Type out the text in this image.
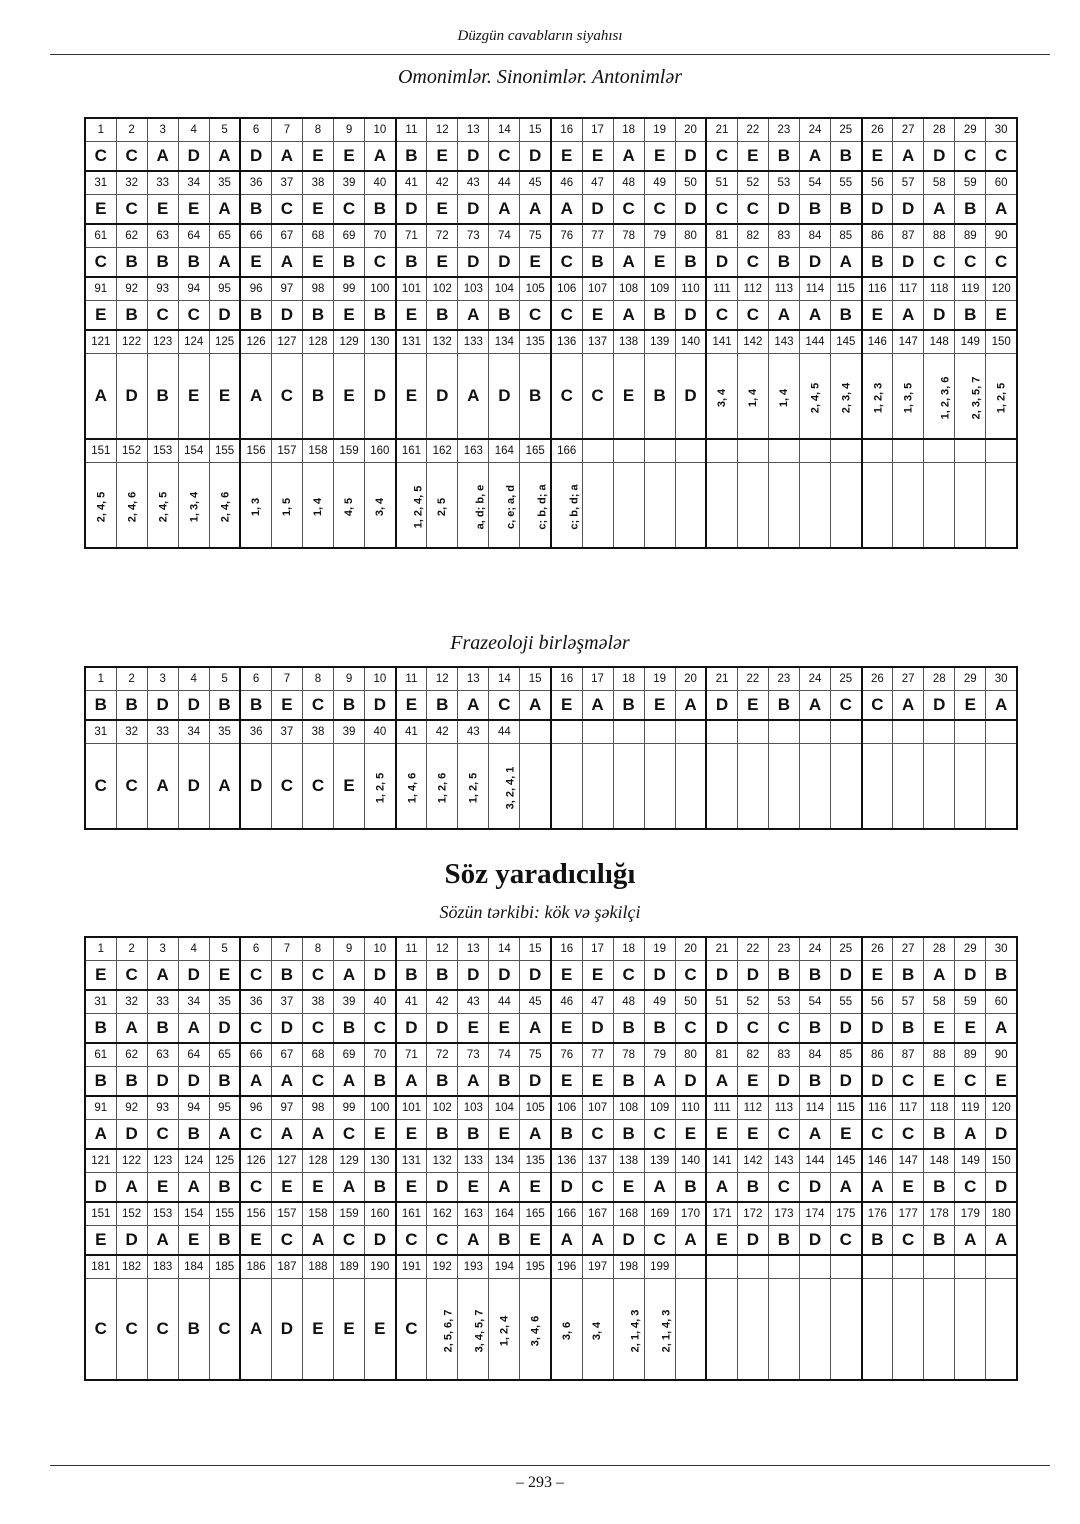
Düzgün cavabların siyahısı
Omonimlər. Sinonimlər. Antonimlər
1	2	3	4	5	6	7	8	9	10	11	12	13	14	15	16	17	18	19	20	21	22	23	24	25	26	27	28	29	30
C	C	A	D	A	D	A	E	E	A	B	E	D	C	D	E	E	A	E	D	C	E	B	A	B	E	A	D	C	C
31	32	33	34	35	36	37	38	39	40	41	42	43	44	45	46	47	48	49	50	51	52	53	54	55	56	57	58	59	60
E	C	E	E	A	B	C	E	C	B	D	E	D	A	A	A	D	C	C	D	C	C	D	B	B	D	D	A	B	A
61	62	63	64	65	66	67	68	69	70	71	72	73	74	75	76	77	78	79	80	81	82	83	84	85	86	87	88	89	90
C	B	B	B	A	E	A	E	B	C	B	E	D	D	E	C	B	A	E	B	D	C	B	D	A	B	D	C	C	C
91	92	93	94	95	96	97	98	99	100	101	102	103	104	105	106	107	108	109	110	111	112	113	114	115	116	117	118	119	120
E	B	C	C	D	B	D	B	E	B	E	B	A	B	C	C	E	A	B	D	C	C	A	A	B	E	A	D	B	E
121	122	123	124	125	126	127	128	129	130	131	132	133	134	135	136	137	138	139	140	141	142	143	144	145	146	147	148	149	150
A	D	B	E	E	A	C	B	E	D	E	D	A	D	B	C	C	E	B	D	3, 4	1, 4	1, 4	2, 4, 5	2, 3, 4	1, 2, 3	1, 3, 5	1, 2, 3, 6	2, 3, 5, 7	1, 2, 5
151	152	153	154	155	156	157	158	159	160	161	162	163	164	165	166														
2, 4, 5	2, 4, 6	2, 4, 5	1, 3, 4	2, 4, 6	1, 3	1, 5	1, 4	4, 5	3, 4	1, 2, 4, 5	2, 5	a, d; b, e	c, e; a, d	c; b, d; a	c; b, d; a														
Frazeoloji birləşmələr
1	2	3	4	5	6	7	8	9	10	11	12	13	14	15	16	17	18	19	20	21	22	23	24	25	26	27	28	29	30
B	B	D	D	B	B	E	C	B	D	E	B	A	C	A	E	A	B	E	A	D	E	B	A	C	C	A	D	E	A
31	32	33	34	35	36	37	38	39	40	41	42	43	44																
C	C	A	D	A	D	C	C	E	1, 2, 5	1, 4, 6	1, 2, 6	1, 2, 5	3, 2, 4, 1																
Söz yaradıcılığı
Sözün tərkibi: kök və şəkilçi
1	2	3	4	5	6	7	8	9	10	11	12	13	14	15	16	17	18	19	20	21	22	23	24	25	26	27	28	29	30
E	C	A	D	E	C	B	C	A	D	B	B	D	D	D	E	E	C	D	C	D	D	B	B	D	E	B	A	D	B
31	32	33	34	35	36	37	38	39	40	41	42	43	44	45	46	47	48	49	50	51	52	53	54	55	56	57	58	59	60
B	A	B	A	D	C	D	C	B	C	D	D	E	E	A	E	D	B	B	C	D	C	C	B	D	D	B	E	E	A
61	62	63	64	65	66	67	68	69	70	71	72	73	74	75	76	77	78	79	80	81	82	83	84	85	86	87	88	89	90
B	B	D	D	B	A	A	C	A	B	A	B	A	B	D	E	E	B	A	D	A	E	D	B	D	D	C	E	C	E
91	92	93	94	95	96	97	98	99	100	101	102	103	104	105	106	107	108	109	110	111	112	113	114	115	116	117	118	119	120
A	D	C	B	A	C	A	A	C	E	E	B	B	E	A	B	C	B	C	E	E	E	C	A	E	C	C	B	A	D
121	122	123	124	125	126	127	128	129	130	131	132	133	134	135	136	137	138	139	140	141	142	143	144	145	146	147	148	149	150
D	A	E	A	B	C	E	E	A	B	E	D	E	A	E	D	C	E	A	B	A	B	C	D	A	A	E	B	C	D
151	152	153	154	155	156	157	158	159	160	161	162	163	164	165	166	167	168	169	170	171	172	173	174	175	176	177	178	179	180
E	D	A	E	B	E	C	A	C	D	C	C	A	B	E	A	A	D	C	A	E	D	B	D	C	B	C	B	A	A
181	182	183	184	185	186	187	188	189	190	191	192	193	194	195	196	197	198	199											
C	C	C	B	C	A	D	E	E	E	C	2, 5, 6, 7	3, 4, 5, 7	1, 2, 4	3, 4, 6	3, 6	3, 4	2, 1, 4, 3	2, 1, 4, 3											
– 293 –
